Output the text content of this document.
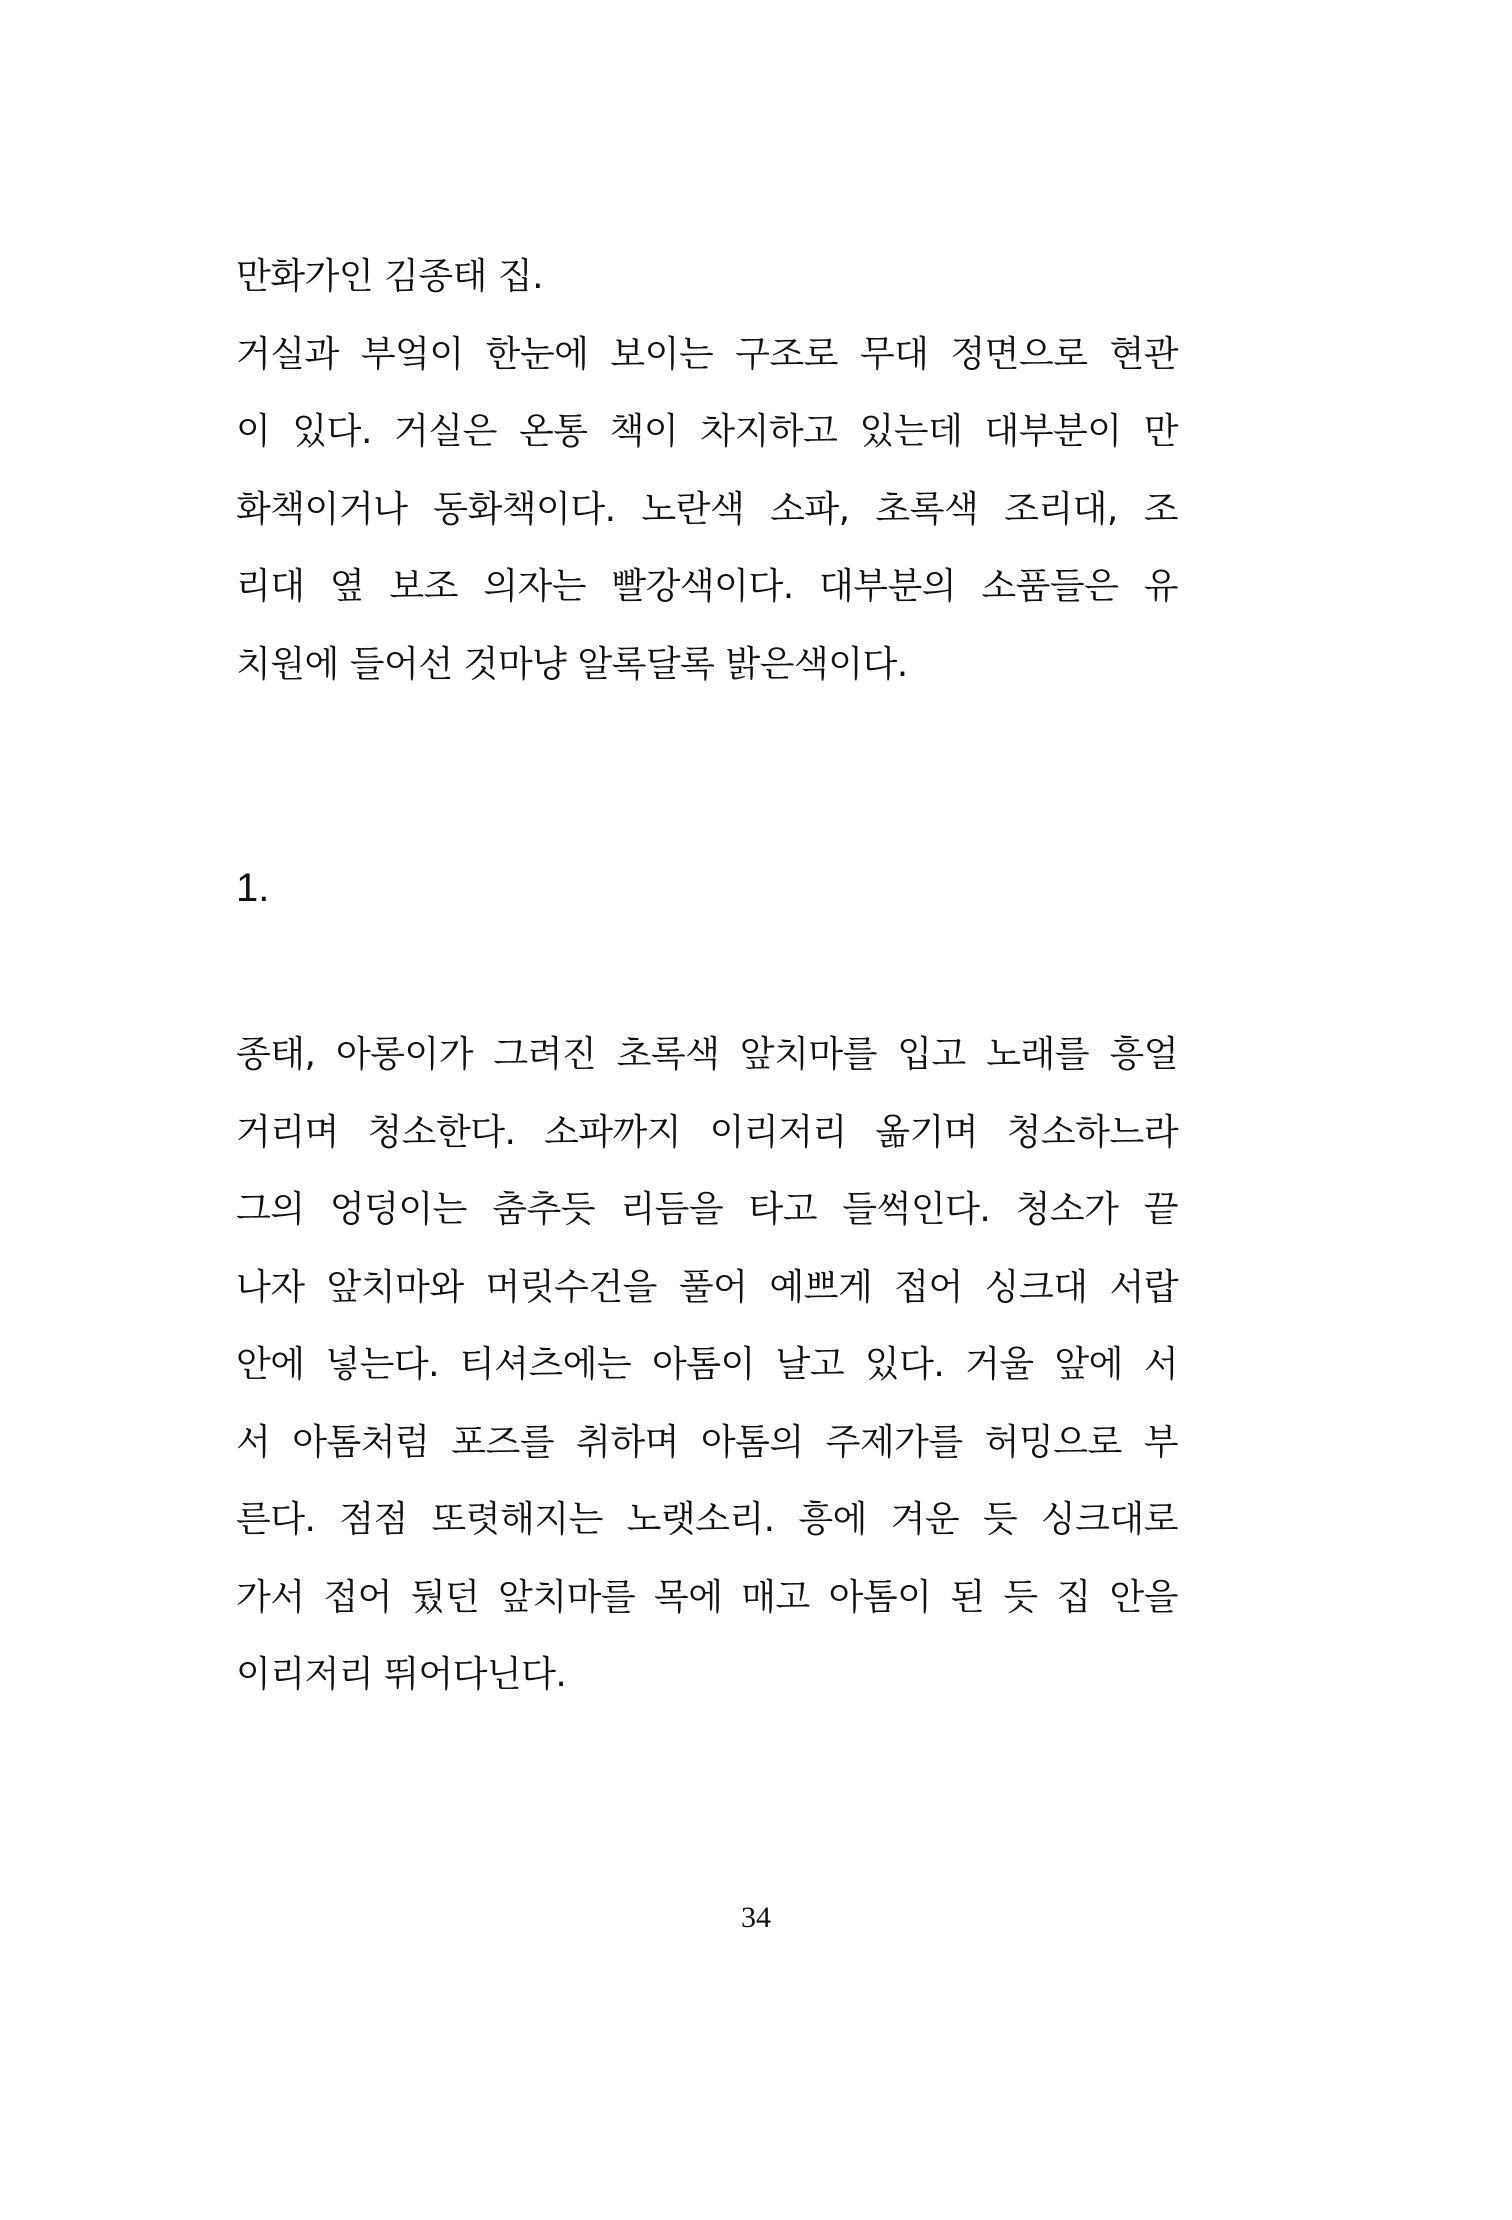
만화가인 김종태 집.
거실과 부엌이 한눈에 보이는 구조로 무대 정면으로 현관
이 있다. 거실은 온통 책이 차지하고 있는데 대부분이 만
화책이거나 동화책이다. 노란색 소파, 초록색 조리대, 조
리대 옆 보조 의자는 빨강색이다. 대부분의 소품들은 유
치원에 들어선 것마냥 알록달록 밝은색이다.
1.
종태, 아롱이가 그려진 초록색 앞치마를 입고 노래를 흥얼
거리며 청소한다. 소파까지 이리저리 옮기며 청소하느라
그의 엉덩이는 춤추듯 리듬을 타고 들썩인다. 청소가 끝
나자 앞치마와 머릿수건을 풀어 예쁘게 접어 싱크대 서랍
안에 넣는다. 티셔츠에는 아톰이 날고 있다. 거울 앞에 서
서 아톰처럼 포즈를 취하며 아톰의 주제가를 허밍으로 부
른다. 점점 또렷해지는 노랫소리. 흥에 겨운 듯 싱크대로
가서 접어 뒀던 앞치마를 목에 매고 아톰이 된 듯 집 안을
이리저리 뛰어다닌다.
34
